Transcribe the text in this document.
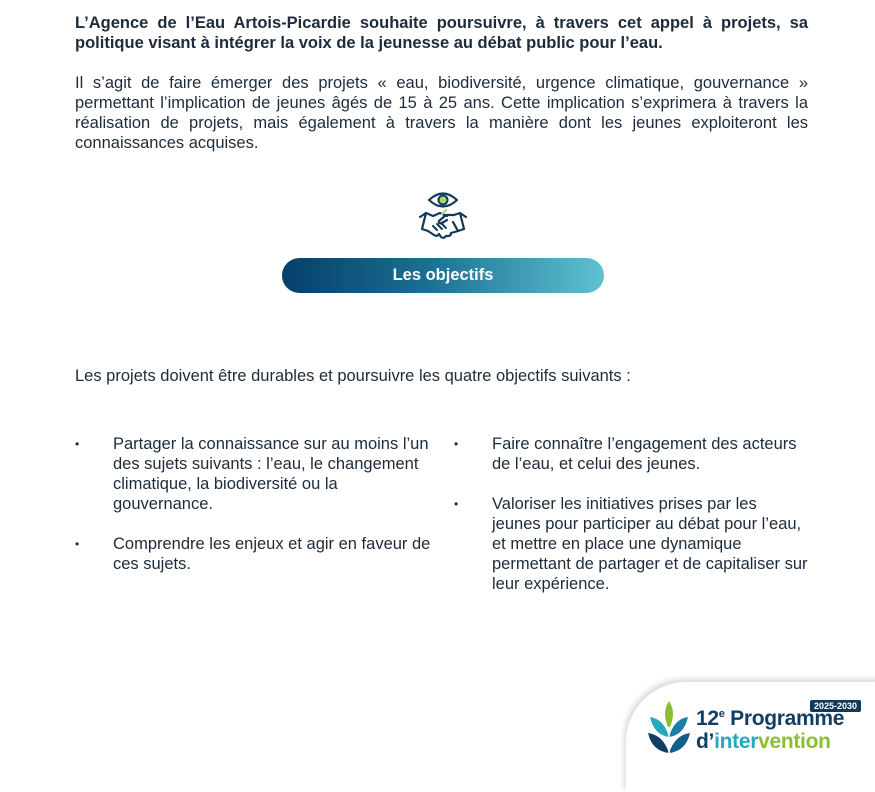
L’Agence de l’Eau Artois-Picardie souhaite poursuivre, à travers cet appel à projets, sa politique visant à intégrer la voix de la jeunesse au débat public pour l’eau.

Il s’agit de faire émerger des projets « eau, biodiversité, urgence climatique, gouvernance » permettant l’implication de jeunes âgés de 15 à 25 ans. Cette implication s’exprimera à travers la réalisation de projets, mais également à travers la manière dont les jeunes exploiteront les connaissances acquises.

Les objectifs

Les projets doivent être durables et poursuivre les quatre objectifs suivants :

• Partager la connaissance sur au moins l’un des sujets suivants : l’eau, le changement climatique, la biodiversité ou la gouvernance.
• Comprendre les enjeux et agir en faveur de ces sujets.
• Faire connaître l’engagement des acteurs de l’eau, et celui des jeunes.
• Valoriser les initiatives prises par les jeunes pour participer au débat pour l’eau, et mettre en place une dynamique permettant de partager et de capitaliser sur leur expérience.
2025-2030
12e Programme
d’intervention
